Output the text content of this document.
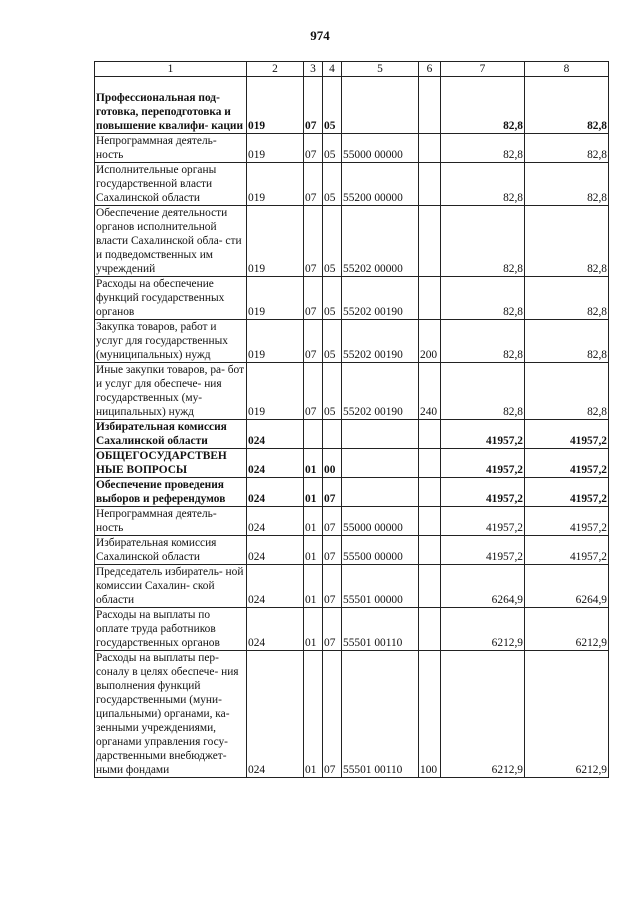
974
1	2	3	4	5	6	7	8
Профессиональная под- готовка, переподготовка и повышение квалифи- кации	019	07	05			82,8	82,8
Непрограммная деятель- ность	019	07	05	55000 00000		82,8	82,8
Исполнительные органы государственной власти Сахалинской области	019	07	05	55200 00000		82,8	82,8
Обеспечение деятельности органов исполнительной власти Сахалинской обла- сти и подведомственных им учреждений	019	07	05	55202 00000		82,8	82,8
Расходы на обеспечение функций государственных органов	019	07	05	55202 00190		82,8	82,8
Закупка товаров, работ и услуг для государственных (муниципальных) нужд	019	07	05	55202 00190	200	82,8	82,8
Иные закупки товаров, ра- бот и услуг для обеспече- ния государственных (му- ниципальных) нужд	019	07	05	55202 00190	240	82,8	82,8
Избирательная комиссия Сахалинской области	024					41957,2	41957,2
ОБЩЕГОСУДАРСТВЕН НЫЕ ВОПРОСЫ	024	01	00			41957,2	41957,2
Обеспечение проведения выборов и референдумов	024	01	07			41957,2	41957,2
Непрограммная деятель- ность	024	01	07	55000 00000		41957,2	41957,2
Избирательная комиссия Сахалинской области	024	01	07	55500 00000		41957,2	41957,2
Председатель избиратель- ной комиссии Сахалин- ской области	024	01	07	55501 00000		6264,9	6264,9
Расходы на выплаты по оплате труда работников государственных органов	024	01	07	55501 00110		6212,9	6212,9
Расходы на выплаты пер- соналу в целях обеспече- ния выполнения функций государственными (муни- ципальными) органами, ка- зенными учреждениями, органами управления госу- дарственными внебюджет- ными фондами	024	01	07	55501 00110	100	6212,9	6212,9
